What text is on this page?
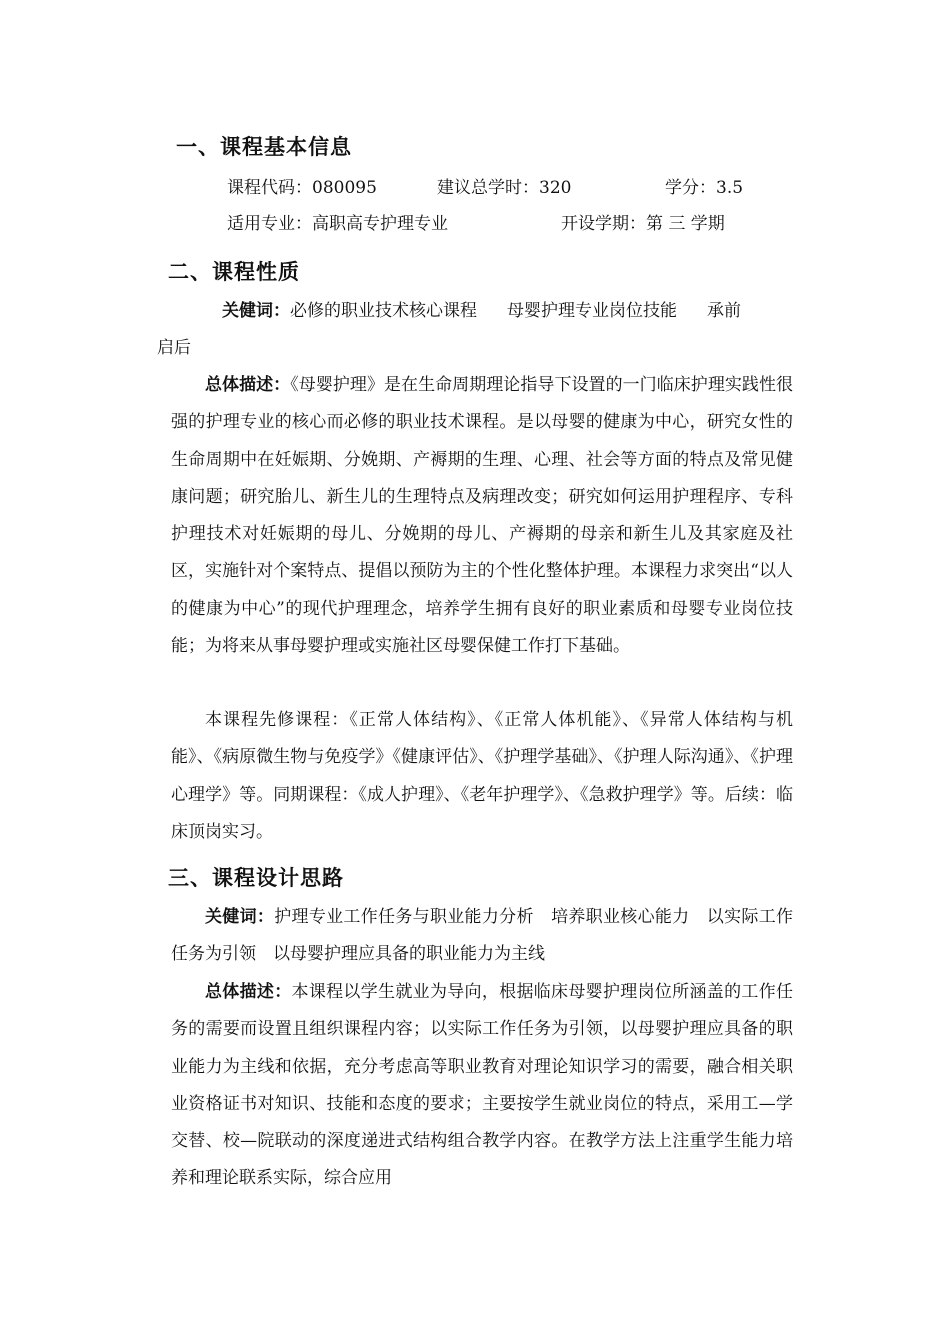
一、课程基本信息

课程代码：080095	建议总学时：320	学分：3.5

适用专业：高职高专护理专业	开设学期：第 三 学期

二、课程性质

关健词：必修的职业技术核心课程 母婴护理专业岗位技能 承前

启后

总体描述：《母婴护理》是在生命周期理论指导下设置的一门临床护理实践性很强的护理专业的核心而必修的职业技术课程。是以母婴的健康为中心，研究女性的生命周期中在妊娠期、分娩期、产褥期的生理、心理、社会等方面的特点及常见健康问题；研究胎儿、新生儿的生理特点及病理改变；研究如何运用护理程序、专科护理技术对妊娠期的母儿、分娩期的母儿、产褥期的母亲和新生儿及其家庭及社区，实施针对个案特点、提倡以预防为主的个性化整体护理。本课程力求突出“以人的健康为中心”的现代护理理念，培养学生拥有良好的职业素质和母婴专业岗位技能；为将来从事母婴护理或实施社区母婴保健工作打下基础。

本课程先修课程：《正常人体结构》、《正常人体机能》、《异常人体结构与机能》、《病原微生物与免疫学》《健康评估》、《护理学基础》、《护理人际沟通》、《护理心理学》等。同期课程：《成人护理》、《老年护理学》、《急救护理学》等。后续：临床顶岗实习。

三、课程设计思路

关健词：护理专业工作任务与职业能力分析　培养职业核心能力　以实际工作任务为引领　以母婴护理应具备的职业能力为主线

总体描述：本课程以学生就业为导向，根据临床母婴护理岗位所涵盖的工作任务的需要而设置且组织课程内容；以实际工作任务为引领，以母婴护理应具备的职业能力为主线和依据，充分考虑高等职业教育对理论知识学习的需要，融合相关职业资格证书对知识、技能和态度的要求；主要按学生就业岗位的特点，采用工—学交替、校—院联动的深度递进式结构组合教学内容。在教学方法上注重学生能力培养和理论联系实际，综合应用
